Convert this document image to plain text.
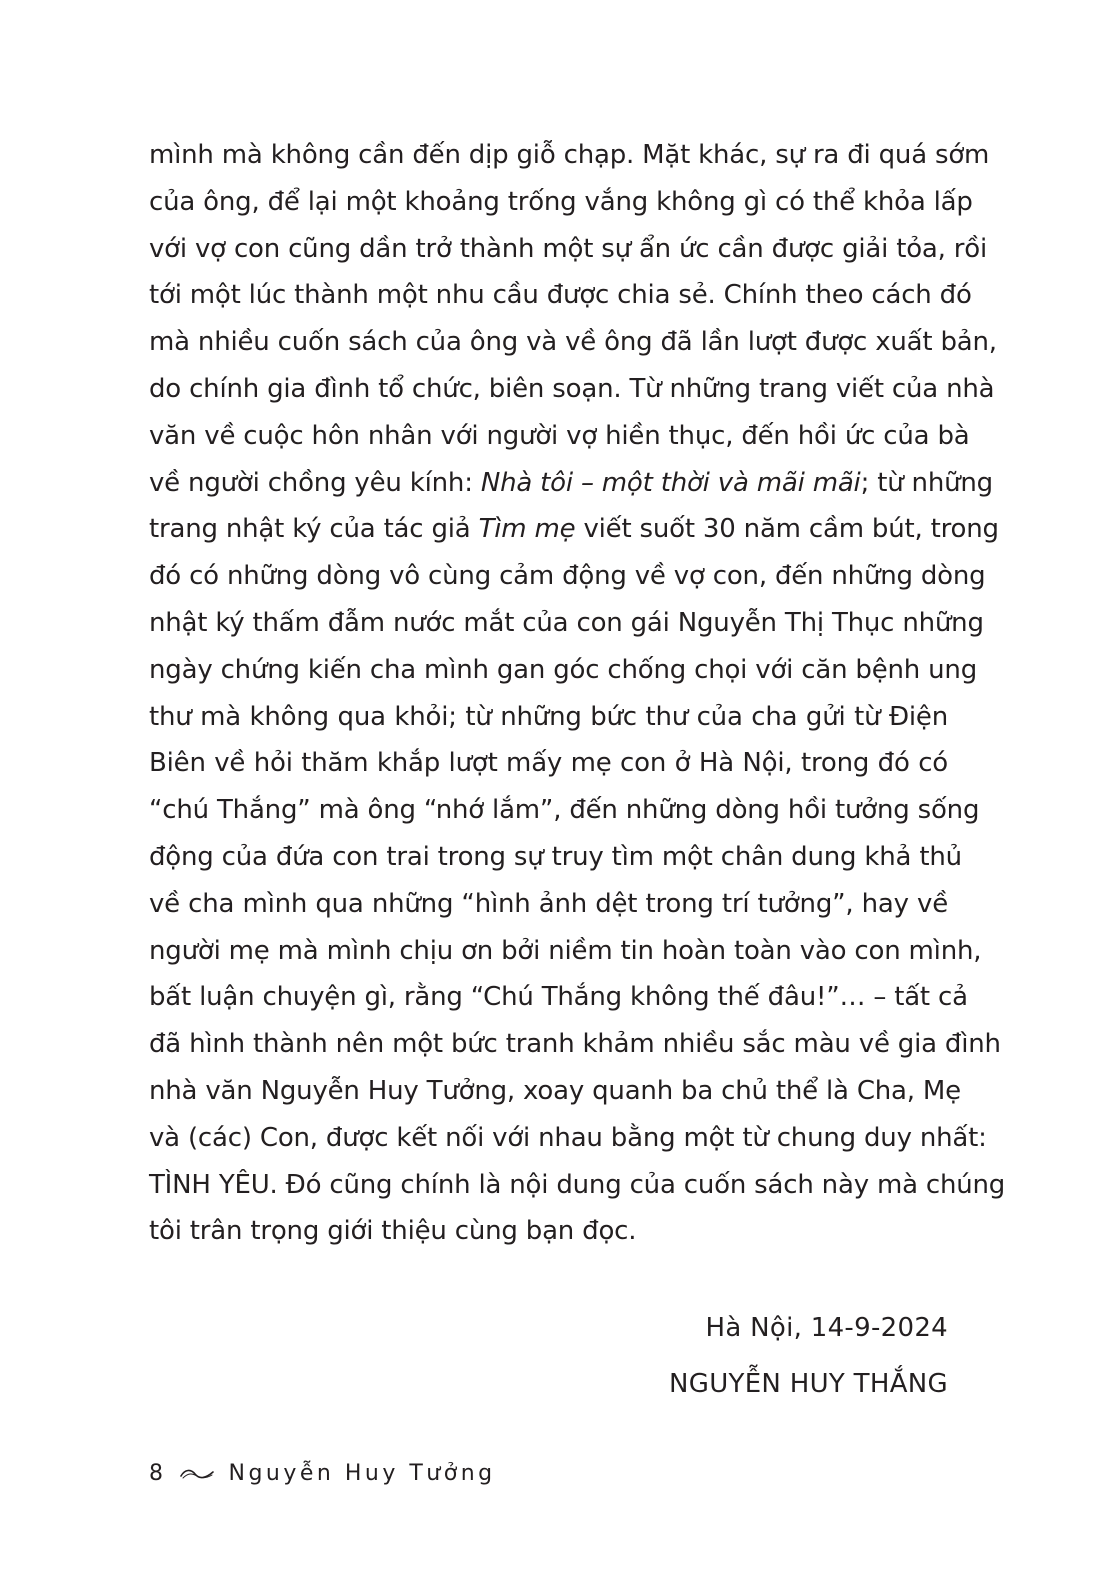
mình mà không cần đến dịp giỗ chạp. Mặt khác, sự ra đi quá sớm
của ông, để lại một khoảng trống vắng không gì có thể khỏa lấp
với vợ con cũng dần trở thành một sự ẩn ức cần được giải tỏa, rồi
tới một lúc thành một nhu cầu được chia sẻ. Chính theo cách đó
mà nhiều cuốn sách của ông và về ông đã lần lượt được xuất bản,
do chính gia đình tổ chức, biên soạn. Từ những trang viết của nhà
văn về cuộc hôn nhân với người vợ hiền thục, đến hồi ức của bà
về người chồng yêu kính: Nhà tôi – một thời và mãi mãi; từ những
trang nhật ký của tác giả Tìm mẹ viết suốt 30 năm cầm bút, trong
đó có những dòng vô cùng cảm động về vợ con, đến những dòng
nhật ký thấm đẫm nước mắt của con gái Nguyễn Thị Thục những
ngày chứng kiến cha mình gan góc chống chọi với căn bệnh ung
thư mà không qua khỏi; từ những bức thư của cha gửi từ Điện
Biên về hỏi thăm khắp lượt mấy mẹ con ở Hà Nội, trong đó có
“chú Thắng” mà ông “nhớ lắm”, đến những dòng hồi tưởng sống
động của đứa con trai trong sự truy tìm một chân dung khả thủ
về cha mình qua những “hình ảnh dệt trong trí tưởng”, hay về
người mẹ mà mình chịu ơn bởi niềm tin hoàn toàn vào con mình,
bất luận chuyện gì, rằng “Chú Thắng không thế đâu!”… – tất cả
đã hình thành nên một bức tranh khảm nhiều sắc màu về gia đình
nhà văn Nguyễn Huy Tưởng, xoay quanh ba chủ thể là Cha, Mẹ
và (các) Con, được kết nối với nhau bằng một từ chung duy nhất:
TÌNH YÊU. Đó cũng chính là nội dung của cuốn sách này mà chúng
tôi trân trọng giới thiệu cùng bạn đọc.
Hà Nội, 14-9-2024
NGUYỄN HUY THẮNG
8	Nguyễn Huy Tưởng
